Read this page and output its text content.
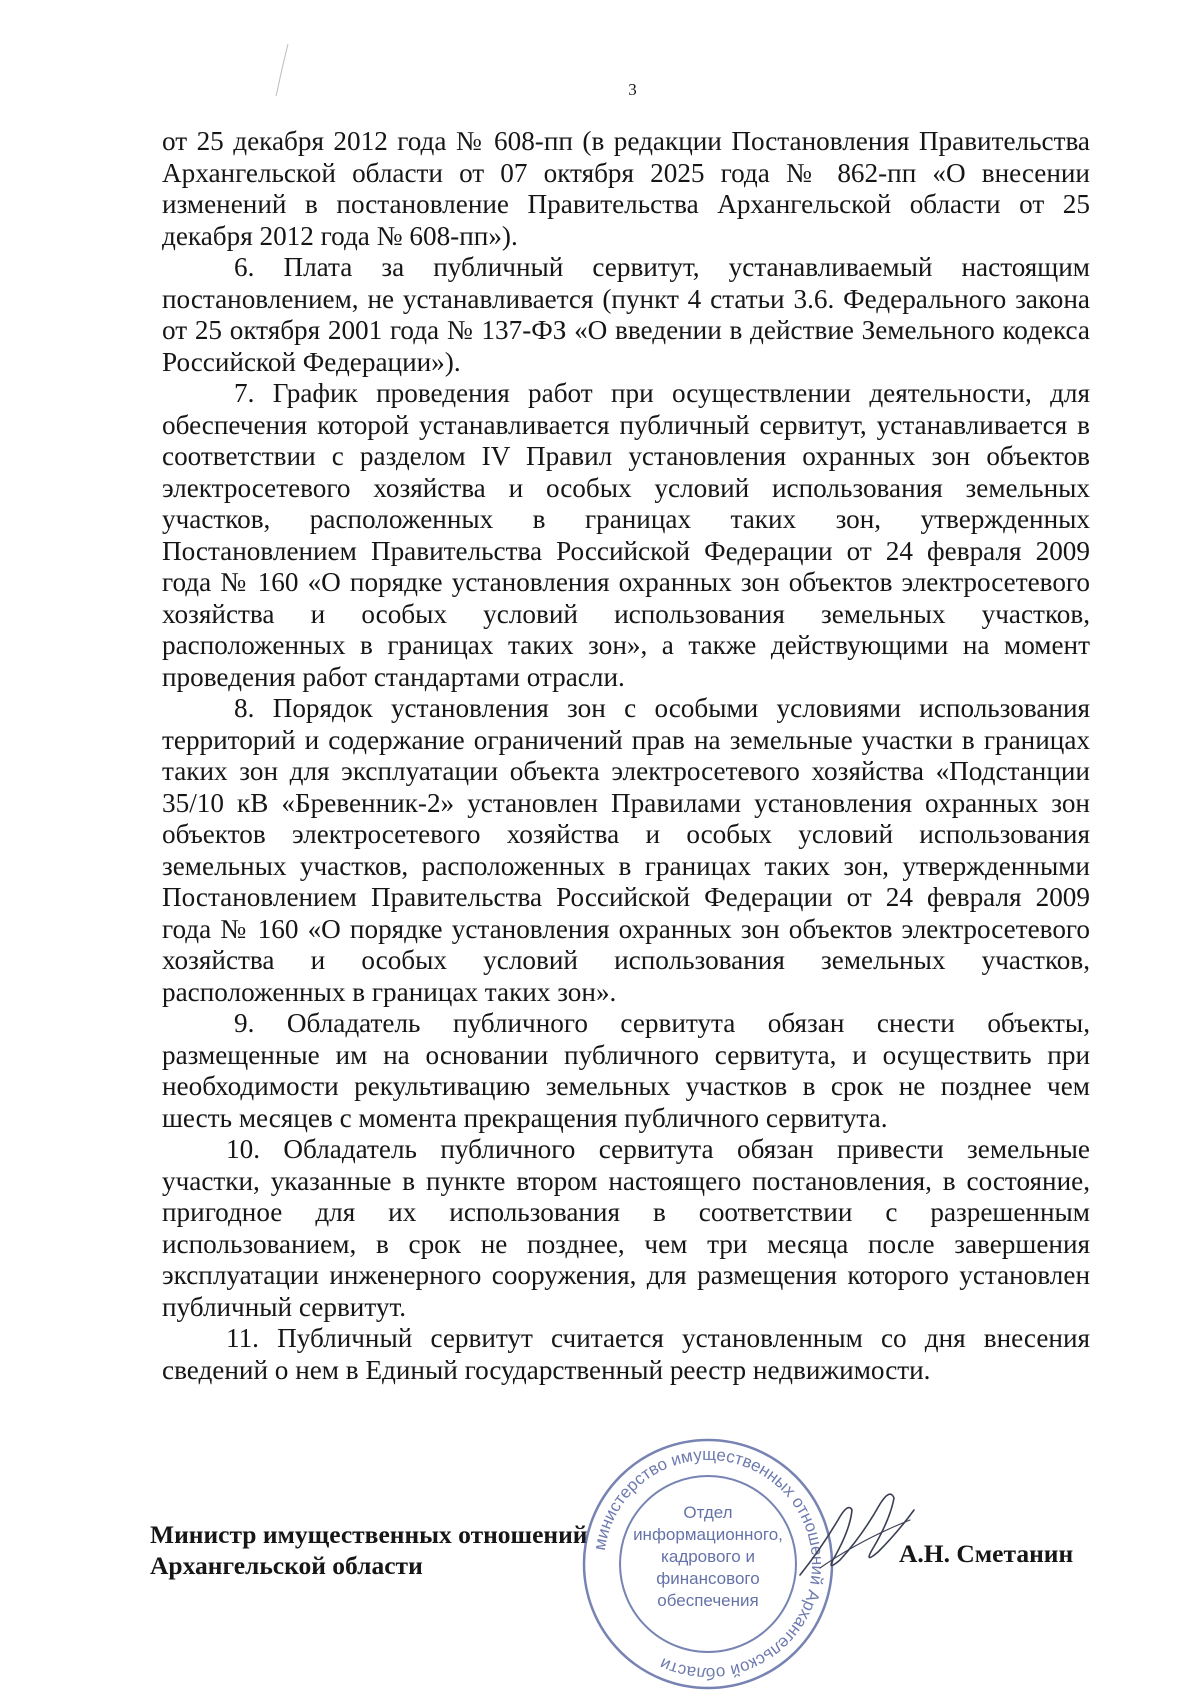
3

от 25 декабря 2012 года № 608-пп (в редакции Постановления Правительства Архангельской области от 07 октября 2025 года № 862-пп «О внесении изменений в постановление Правительства Архангельской области от 25 декабря 2012 года № 608-пп»).

6. Плата за публичный сервитут, устанавливаемый настоящим постановлением, не устанавливается (пункт 4 статьи 3.6. Федерального закона от 25 октября 2001 года № 137-ФЗ «О введении в действие Земельного кодекса Российской Федерации»).

7. График проведения работ при осуществлении деятельности, для обеспечения которой устанавливается публичный сервитут, устанавливается в соответствии с разделом IV Правил установления охранных зон объектов электросетевого хозяйства и особых условий использования земельных участков, расположенных в границах таких зон, утвержденных Постановлением Правительства Российской Федерации от 24 февраля 2009 года № 160 «О порядке установления охранных зон объектов электросетевого хозяйства и особых условий использования земельных участков, расположенных в границах таких зон», а также действующими на момент проведения работ стандартами отрасли.

8. Порядок установления зон с особыми условиями использования территорий и содержание ограничений прав на земельные участки в границах таких зон для эксплуатации объекта электросетевого хозяйства «Подстанции 35/10 кВ «Бревенник-2» установлен Правилами установления охранных зон объектов электросетевого хозяйства и особых условий использования земельных участков, расположенных в границах таких зон, утвержденными Постановлением Правительства Российской Федерации от 24 февраля 2009 года № 160 «О порядке установления охранных зон объектов электросетевого хозяйства и особых условий использования земельных участков, расположенных в границах таких зон».

9. Обладатель публичного сервитута обязан снести объекты, размещенные им на основании публичного сервитута, и осуществить при необходимости рекультивацию земельных участков в срок не позднее чем шесть месяцев с момента прекращения публичного сервитута.

10. Обладатель публичного сервитута обязан привести земельные участки, указанные в пункте втором настоящего постановления, в состояние, пригодное для их использования в соответствии с разрешенным использованием, в срок не позднее, чем три месяца после завершения эксплуатации инженерного сооружения, для размещения которого установлен публичный сервитут.

11. Публичный сервитут считается установленным со дня внесения сведений о нем в Единый государственный реестр недвижимости.

Министр имущественных отношений
Архангельской области	А.Н. Сметанин
министерство имущественных отношений Архангельской области
Отдел
информационного,
кадрового и
финансового
обеспечения
